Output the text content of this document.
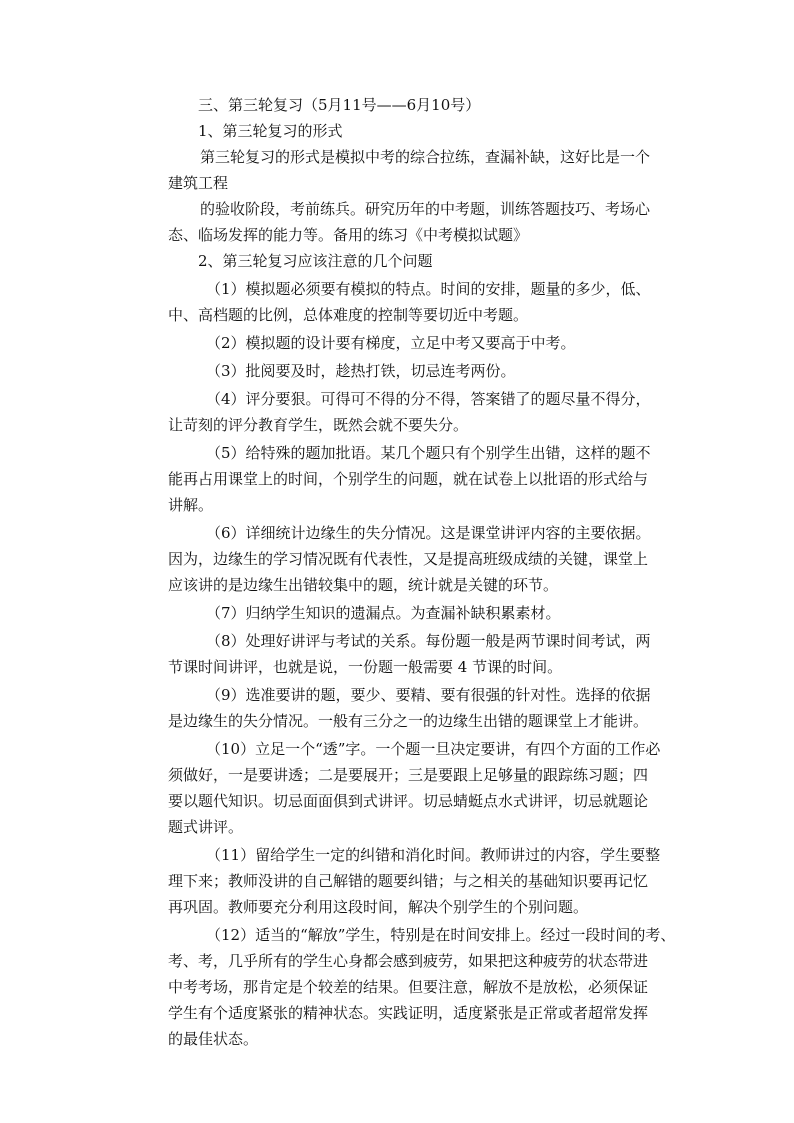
三、第三轮复习（5月11号——6月10号）
1、第三轮复习的形式
第三轮复习的形式是模拟中考的综合拉练，查漏补缺，这好比是一个
建筑工程
的验收阶段，考前练兵。研究历年的中考题，训练答题技巧、考场心
态、临场发挥的能力等。备用的练习《中考模拟试题》
2、第三轮复习应该注意的几个问题
（1）模拟题必须要有模拟的特点。时间的安排，题量的多少，低、
中、高档题的比例，总体难度的控制等要切近中考题。
（2）模拟题的设计要有梯度，立足中考又要高于中考。
（3）批阅要及时，趁热打铁，切忌连考两份。
（4）评分要狠。可得可不得的分不得，答案错了的题尽量不得分，
让苛刻的评分教育学生，既然会就不要失分。
（5）给特殊的题加批语。某几个题只有个别学生出错，这样的题不
能再占用课堂上的时间，个别学生的问题，就在试卷上以批语的形式给与
讲解。
（6）详细统计边缘生的失分情况。这是课堂讲评内容的主要依据。
因为，边缘生的学习情况既有代表性，又是提高班级成绩的关键，课堂上
应该讲的是边缘生出错较集中的题，统计就是关键的环节。
（7）归纳学生知识的遗漏点。为查漏补缺积累素材。
（8）处理好讲评与考试的关系。每份题一般是两节课时间考试，两
节课时间讲评，也就是说，一份题一般需要 4 节课的时间。
（9）选准要讲的题，要少、要精、要有很强的针对性。选择的依据
是边缘生的失分情况。一般有三分之一的边缘生出错的题课堂上才能讲。
（10）立足一个“透”字。一个题一旦决定要讲，有四个方面的工作必
须做好，一是要讲透；二是要展开；三是要跟上足够量的跟踪练习题；四
要以题代知识。切忌面面俱到式讲评。切忌蜻蜓点水式讲评，切忌就题论
题式讲评。
（11）留给学生一定的纠错和消化时间。教师讲过的内容，学生要整
理下来；教师没讲的自己解错的题要纠错；与之相关的基础知识要再记忆
再巩固。教师要充分利用这段时间，解决个别学生的个别问题。
（12）适当的“解放”学生，特别是在时间安排上。经过一段时间的考、
考、考，几乎所有的学生心身都会感到疲劳，如果把这种疲劳的状态带进
中考考场，那肯定是个较差的结果。但要注意，解放不是放松，必须保证
学生有个适度紧张的精神状态。实践证明，适度紧张是正常或者超常发挥
的最佳状态。
